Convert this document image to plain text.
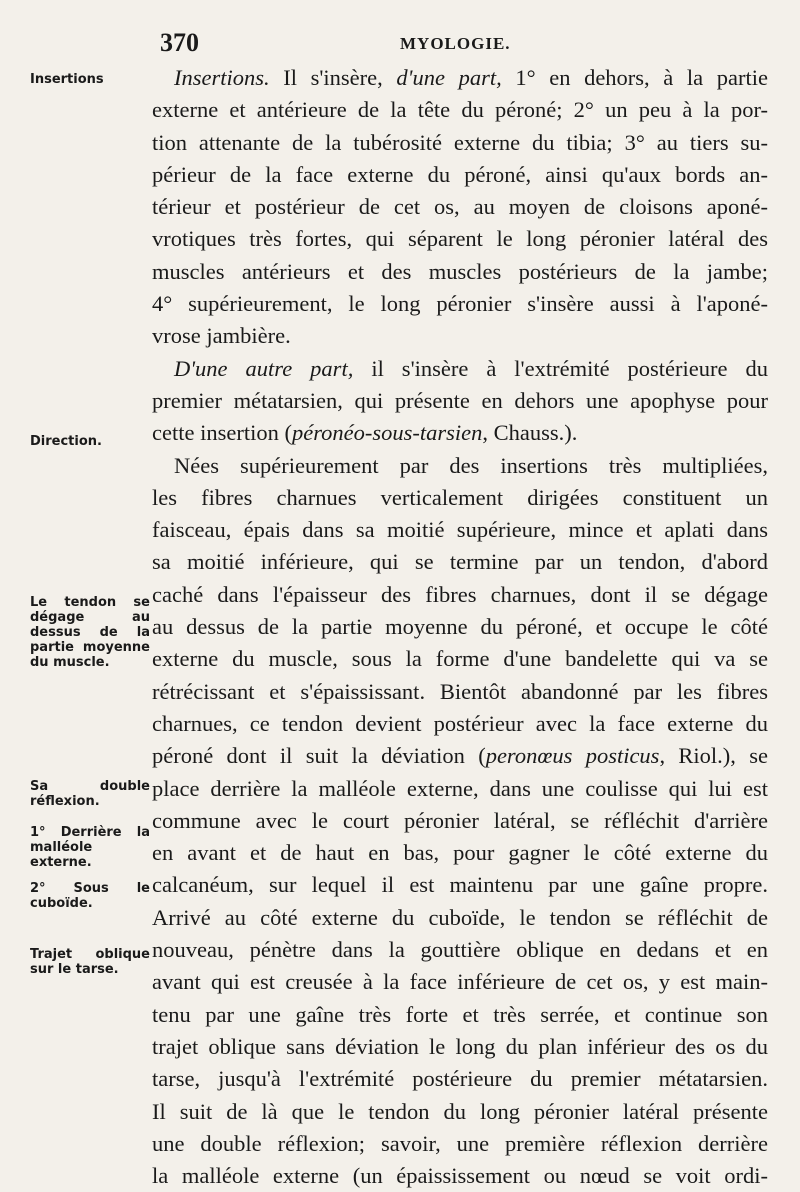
370	MYOLOGIE.
Insertions
Direction.
Le tendon se dégage au dessus de la partie moyenne du muscle.
Sa double réflexion.
1° Derrière la malléole externe.
2° Sous le cuboïde.
Trajet oblique sur le tarse.
Insertions. Il s'insère, d'une part, 1° en dehors, à la partie
externe et antérieure de la tête du péroné; 2° un peu à la por-
tion attenante de la tubérosité externe du tibia; 3° au tiers su-
périeur de la face externe du péroné, ainsi qu'aux bords an-
térieur et postérieur de cet os, au moyen de cloisons aponé-
vrotiques très fortes, qui séparent le long péronier latéral des
muscles antérieurs et des muscles postérieurs de la jambe;
4° supérieurement, le long péronier s'insère aussi à l'aponé-
vrose jambière.
D'une autre part, il s'insère à l'extrémité postérieure du
premier métatarsien, qui présente en dehors une apophyse pour
cette insertion (péronéo-sous-tarsien, Chauss.).
Nées supérieurement par des insertions très multipliées,
les fibres charnues verticalement dirigées constituent un
faisceau, épais dans sa moitié supérieure, mince et aplati dans
sa moitié inférieure, qui se termine par un tendon, d'abord
caché dans l'épaisseur des fibres charnues, dont il se dégage
au dessus de la partie moyenne du péroné, et occupe le côté
externe du muscle, sous la forme d'une bandelette qui va se
rétrécissant et s'épaississant. Bientôt abandonné par les fibres
charnues, ce tendon devient postérieur avec la face externe du
péroné dont il suit la déviation (peronœus posticus, Riol.), se
place derrière la malléole externe, dans une coulisse qui lui est
commune avec le court péronier latéral, se réfléchit d'arrière
en avant et de haut en bas, pour gagner le côté externe du
calcanéum, sur lequel il est maintenu par une gaîne propre.
Arrivé au côté externe du cuboïde, le tendon se réfléchit de
nouveau, pénètre dans la gouttière oblique en dedans et en
avant qui est creusée à la face inférieure de cet os, y est main-
tenu par une gaîne très forte et très serrée, et continue son
trajet oblique sans déviation le long du plan inférieur des os du
tarse, jusqu'à l'extrémité postérieure du premier métatarsien.
Il suit de là que le tendon du long péronier latéral présente
une double réflexion; savoir, une première réflexion derrière
la malléole externe (un épaississement ou nœud se voit ordi-
